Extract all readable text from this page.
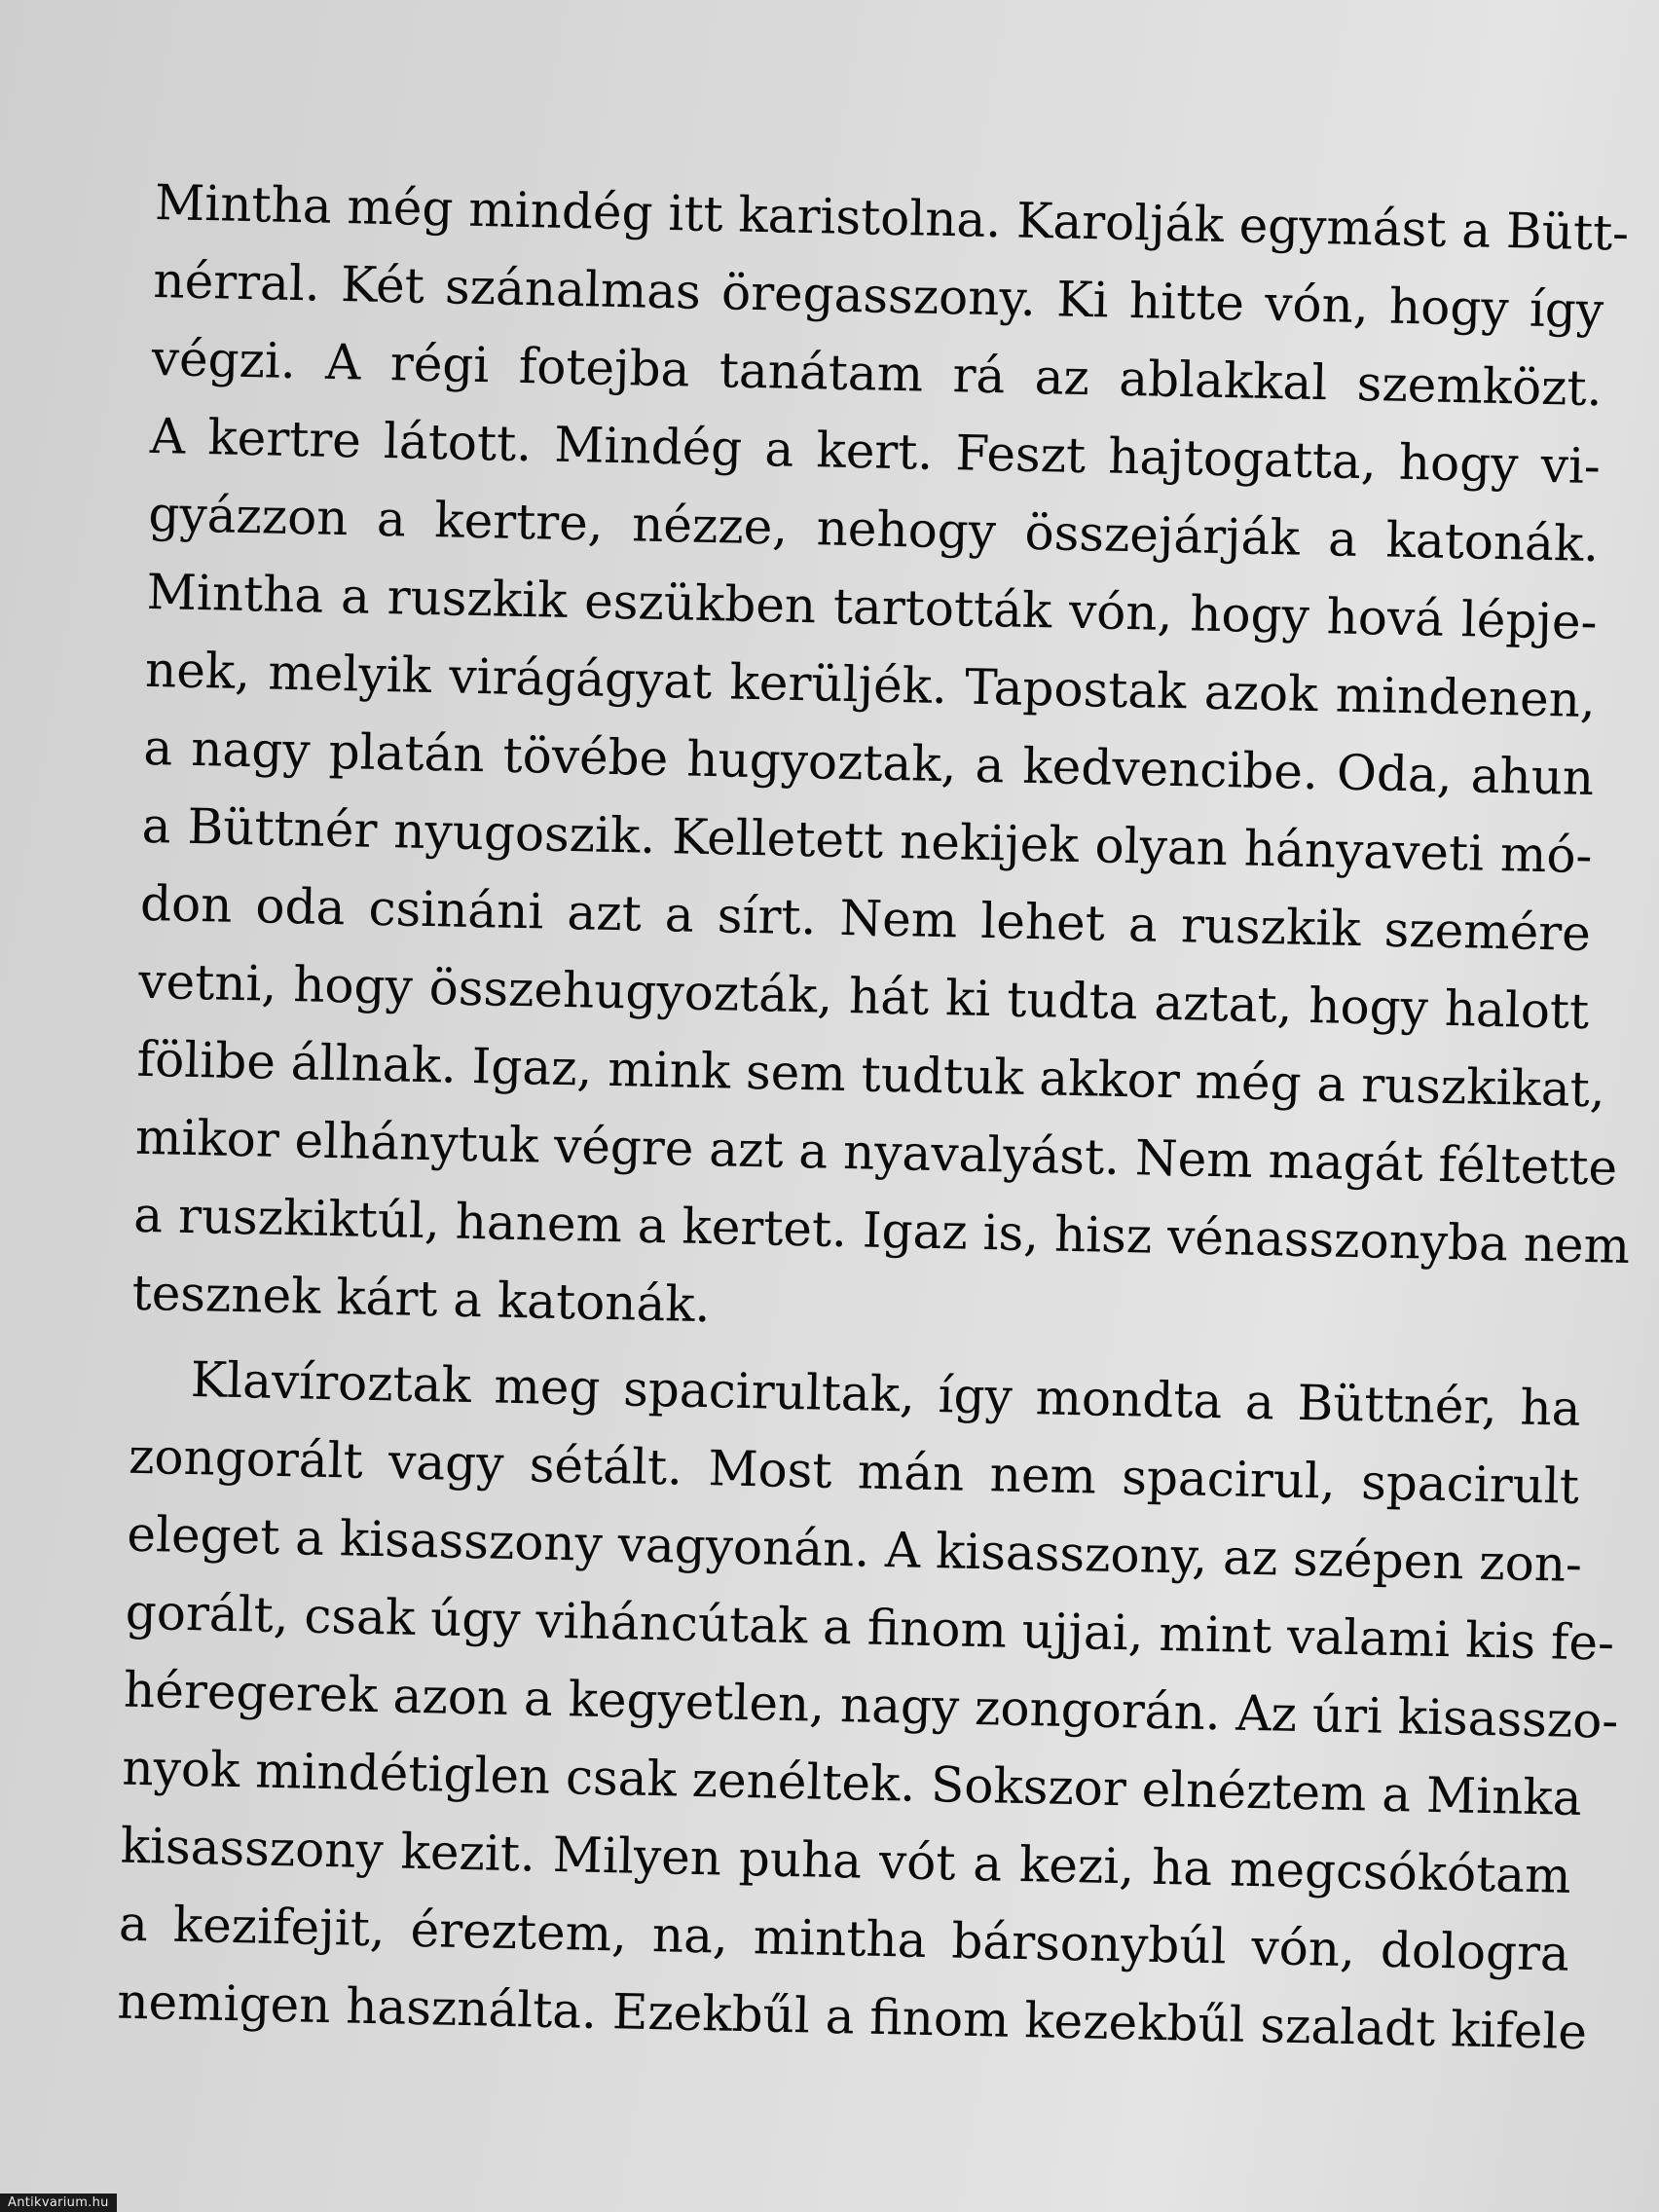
Mintha még mindég itt karistolna. Karolják egymást a Bütt-
nérral. Két szánalmas öregasszony. Ki hitte vón, hogy így
végzi. A régi fotejba tanátam rá az ablakkal szemközt.
A kertre látott. Mindég a kert. Feszt hajtogatta, hogy vi-
gyázzon a kertre, nézze, nehogy összejárják a katonák.
Mintha a ruszkik eszükben tartották vón, hogy hová lépje-
nek, melyik virágágyat kerüljék. Tapostak azok mindenen,
a nagy platán tövébe hugyoztak, a kedvencibe. Oda, ahun
a Büttnér nyugoszik. Kelletett nekijek olyan hányaveti mó-
don oda csináni azt a sírt. Nem lehet a ruszkik szemére
vetni, hogy összehugyozták, hát ki tudta aztat, hogy halott
fölibe állnak. Igaz, mink sem tudtuk akkor még a ruszkikat,
mikor elhánytuk végre azt a nyavalyást. Nem magát féltette
a ruszkiktúl, hanem a kertet. Igaz is, hisz vénasszonyba nem
tesznek kárt a katonák.
Klavíroztak meg spacirultak, így mondta a Büttnér, ha
zongorált vagy sétált. Most mán nem spacirul, spacirult
eleget a kisasszony vagyonán. A kisasszony, az szépen zon-
gorált, csak úgy viháncútak a finom ujjai, mint valami kis fe-
héregerek azon a kegyetlen, nagy zongorán. Az úri kisasszo-
nyok mindétiglen csak zenéltek. Sokszor elnéztem a Minka
kisasszony kezit. Milyen puha vót a kezi, ha megcsókótam
a kezifejit, éreztem, na, mintha bársonybúl vón, dologra
nemigen használta. Ezekbűl a finom kezekbűl szaladt kifele
Antikvarium.hu
